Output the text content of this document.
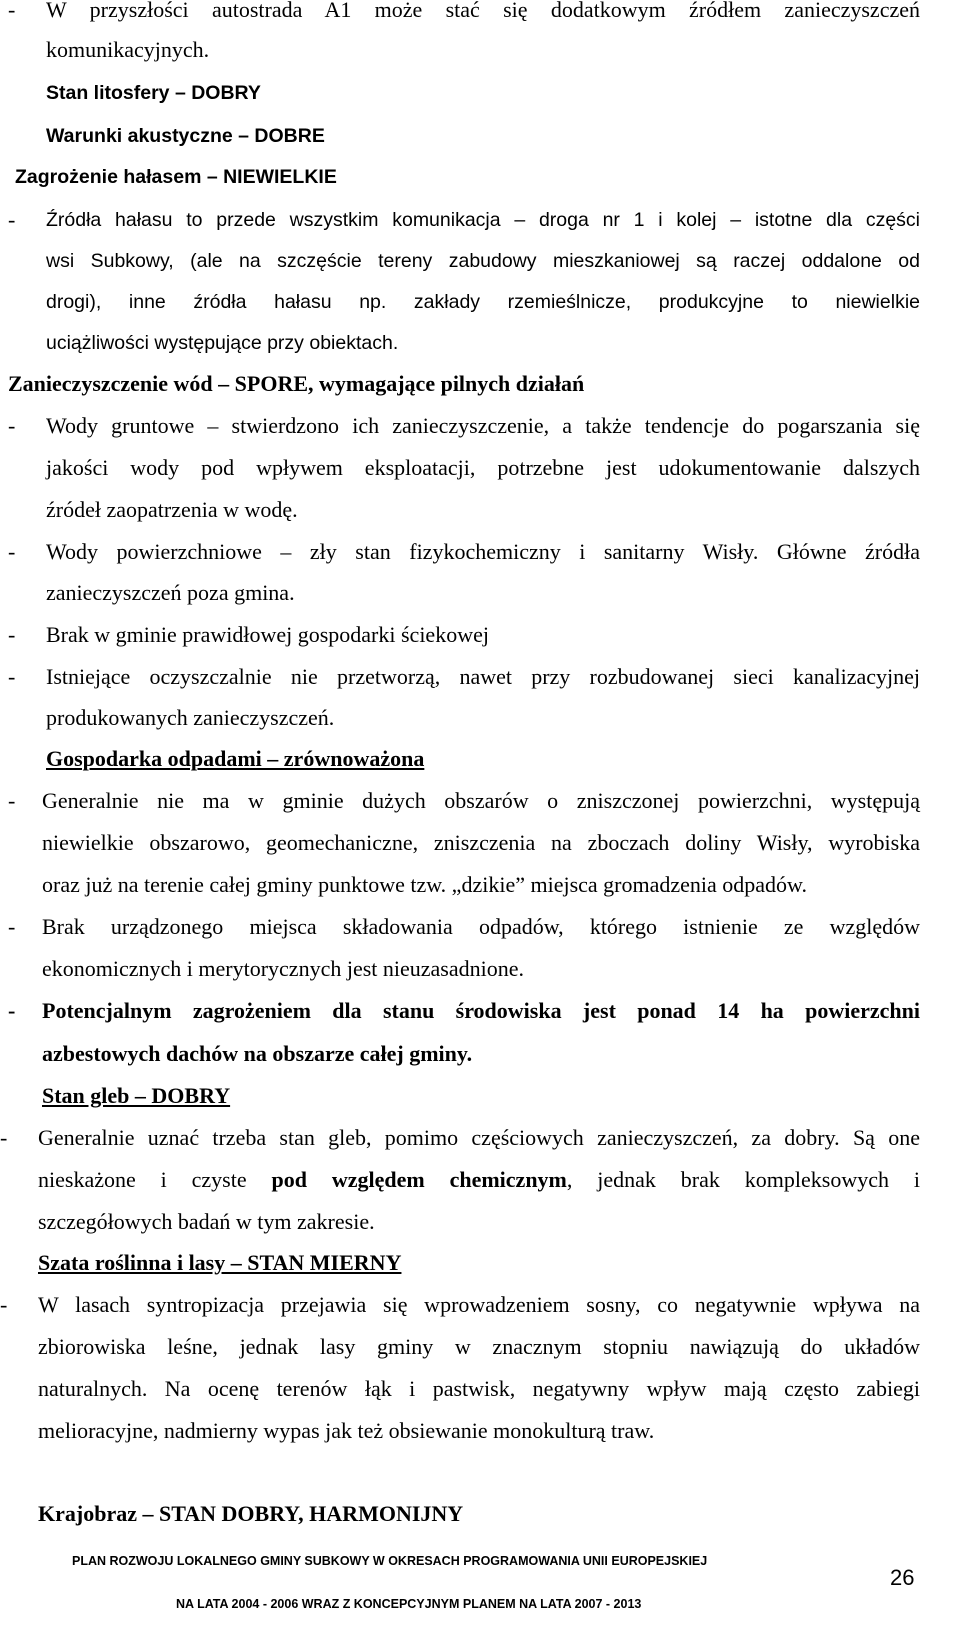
- W przyszłości autostrada A1 może stać się dodatkowym źródłem zanieczyszczeń
komunikacyjnych.
Stan litosfery – DOBRY
Warunki akustyczne – DOBRE
Zagrożenie hałasem – NIEWIELKIE
- Źródła hałasu to przede wszystkim komunikacja – droga nr 1 i kolej – istotne dla części
wsi Subkowy, (ale na szczęście tereny zabudowy mieszkaniowej są raczej oddalone od
drogi), inne źródła hałasu np. zakłady rzemieślnicze, produkcyjne to niewielkie
uciążliwości występujące przy obiektach.
Zanieczyszczenie wód – SPORE, wymagające pilnych działań
- Wody gruntowe – stwierdzono ich zanieczyszczenie, a także tendencje do pogarszania się
jakości wody pod wpływem eksploatacji, potrzebne jest udokumentowanie dalszych
źródeł zaopatrzenia w wodę.
- Wody powierzchniowe – zły stan fizykochemiczny i sanitarny Wisły. Główne źródła
zanieczyszczeń poza gmina.
- Brak w gminie prawidłowej gospodarki ściekowej
- Istniejące oczyszczalnie nie przetworzą, nawet przy rozbudowanej sieci kanalizacyjnej
produkowanych zanieczyszczeń.
Gospodarka odpadami – zrównoważona
- Generalnie nie ma w gminie dużych obszarów o zniszczonej powierzchni, występują
niewielkie obszarowo, geomechaniczne, zniszczenia na zboczach doliny Wisły, wyrobiska
oraz już na terenie całej gminy punktowe tzw. „dzikie” miejsca gromadzenia odpadów.
- Brak urządzonego miejsca składowania odpadów, którego istnienie ze względów
ekonomicznych i merytorycznych jest nieuzasadnione.
- Potencjalnym zagrożeniem dla stanu środowiska jest ponad 14 ha powierzchni
azbestowych dachów na obszarze całej gminy.
Stan gleb – DOBRY
- Generalnie uznać trzeba stan gleb, pomimo częściowych zanieczyszczeń, za dobry. Są one
nieskażone i czyste pod względem chemicznym, jednak brak kompleksowych i
szczegółowych badań w tym zakresie.
Szata roślinna i lasy – STAN MIERNY
- W lasach syntropizacja przejawia się wprowadzeniem sosny, co negatywnie wpływa na
zbiorowiska leśne, jednak lasy gminy w znacznym stopniu nawiązują do układów
naturalnych. Na ocenę terenów łąk i pastwisk, negatywny wpływ mają często zabiegi
melioracyjne, nadmierny wypas jak też obsiewanie monokulturą traw.
Krajobraz – STAN DOBRY, HARMONIJNY
PLAN ROZWOJU LOKALNEGO GMINY SUBKOWY W OKRESACH PROGRAMOWANIA UNII EUROPEJSKIEJ
NA LATA 2004 - 2006 WRAZ Z KONCEPCYJNYM PLANEM NA LATA 2007 - 2013
26
